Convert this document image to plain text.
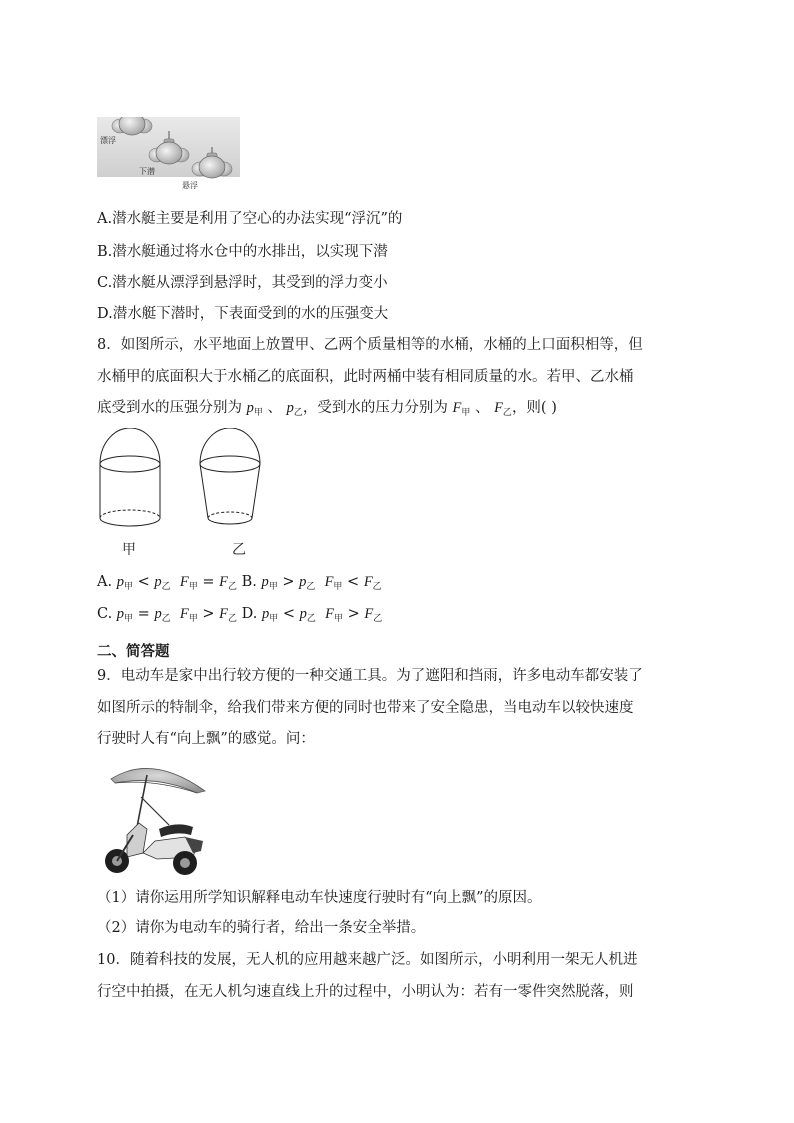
漂浮
下潜
悬浮
A.潜水艇主要是利用了空心的办法实现“浮沉”的
B.潜水艇通过将水仓中的水排出，以实现下潜
C.潜水艇从漂浮到悬浮时，其受到的浮力变小
D.潜水艇下潜时，下表面受到的水的压强变大
8．如图所示，水平地面上放置甲、乙两个质量相等的水桶，水桶的上口面积相等，但
水桶甲的底面积大于水桶乙的底面积，此时两桶中装有相同质量的水。若甲、乙水桶
底受到水的压强分别为 $p_甲$ 、 $p_乙$，受到水的压力分别为 $F_甲$ 、 $F_乙$，则( )
甲	乙
A. $p_甲 < p_乙$ $F_甲 = F_乙$ B. $p_甲 > p_乙$ $F_甲 < F_乙$
C. $p_甲 = p_乙$ $F_甲 > F_乙$ D. $p_甲 < p_乙$ $F_甲 > F_乙$
二、简答题
9．电动车是家中出行较方便的一种交通工具。为了遮阳和挡雨，许多电动车都安装了
如图所示的特制伞，给我们带来方便的同时也带来了安全隐患，当电动车以较快速度
行驶时人有“向上飘”的感觉。问：
（1）请你运用所学知识解释电动车快速度行驶时有“向上飘”的原因。
（2）请你为电动车的骑行者，给出一条安全举措。
10．随着科技的发展，无人机的应用越来越广泛。如图所示，小明利用一架无人机进
行空中拍摄，在无人机匀速直线上升的过程中，小明认为：若有一零件突然脱落，则
